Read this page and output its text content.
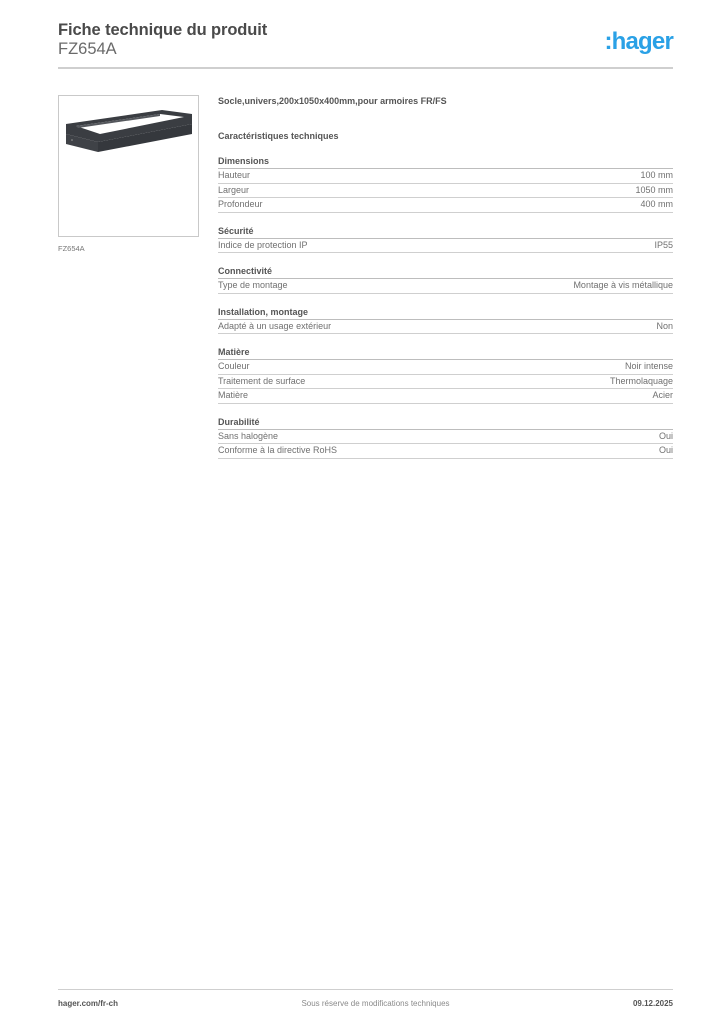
Fiche technique du produit
FZ654A	:hager
FZ654A
Socle,univers,200x1050x400mm,pour armoires FR/FS
Caractéristiques techniques
Dimensions
Hauteur	100 mm
Largeur	1050 mm
Profondeur	400 mm
Sécurité
Indice de protection IP	IP55
Connectivité
Type de montage	Montage à vis métallique
Installation, montage
Adapté à un usage extérieur	Non
Matière
Couleur	Noir intense
Traitement de surface	Thermolaquage
Matière	Acier
Durabilité
Sans halogène	Oui
Conforme à la directive RoHS	Oui
hager.com/fr-ch	Sous réserve de modifications techniques	09.12.2025
